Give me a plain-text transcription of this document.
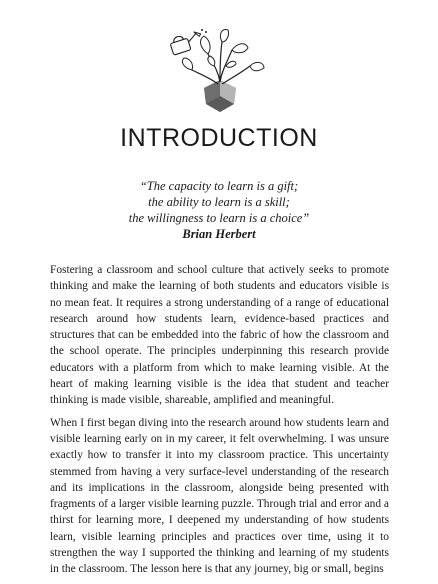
INTRODUCTION
“The capacity to learn is a gift;
the ability to learn is a skill;
the willingness to learn is a choice”
Brian Herbert

Fostering a classroom and school culture that actively seeks to promote thinking and make the learning of both students and educators visible is no mean feat. It requires a strong understanding of a range of educational research around how students learn, evidence-based practices and structures that can be embedded into the fabric of how the classroom and the school operate. The principles underpinning this research provide educators with a platform from which to make learning visible. At the heart of making learning visible is the idea that student and teacher thinking is made visible, shareable, amplified and meaningful.

When I first began diving into the research around how students learn and visible learning early on in my career, it felt overwhelming. I was unsure exactly how to transfer it into my classroom practice. This uncertainty stemmed from having a very surface-level understanding of the research and its implications in the classroom, alongside being presented with fragments of a larger visible learning puzzle. Through trial and error and a thirst for learning more, I deepened my understanding of how students learn, visible learning principles and practices over time, using it to strengthen the way I supported the thinking and learning of my students in the classroom. The lesson here is that any journey, big or small, begins
